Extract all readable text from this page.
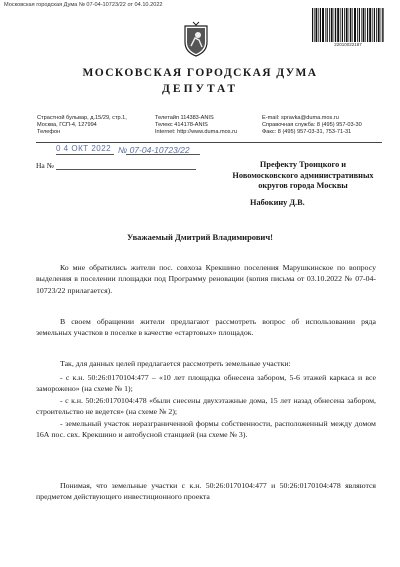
Московская городская Дума № 07-04-10723/22 от 04.10.2022
22010022187
МОСКОВСКАЯ ГОРОДСКАЯ ДУМА
ДЕПУТАТ
Страстной бульвар, д.15/29, стр.1,
Москва, ГСП-4, 127994
Телефон
Телетайп 114383-ANIS
Телекс 414178-ANIS
Internet: http://www.duma.mos.ru
E-mail: spravka@duma.mos.ru
Справочная служба: 8 (495) 957-03-30
Факс: 8 (495) 957-03-31, 753-71-31
0 4 ОКТ 2022 № 07-04-10723/22
На №	Префекту Троицкого и
Новомосковского административных
округов города Москвы
Набокину Д.В.
Уважаемый Дмитрий Владимирович!
Ко мне обратились жители пос. совхоза Крекшино поселения Марушкинское по вопросу выделения в поселении площадки под Программу реновации (копия письма от 03.10.2022 № 07-04-10723/22 прилагается).
В своем обращении жители предлагают рассмотреть вопрос об использовании ряда земельных участков в поселке в качестве «стартовых» площадок.
Так, для данных целей предлагается рассмотреть земельные участки:
- с к.н. 50:26:0170104:477 – «10 лет площадка обнесена забором, 5-6 этажей каркаса и все заморожено» (на схеме № 1);
- с к.н. 50:26:0170104:478 «были снесены двухэтажные дома, 15 лет назад обнесена забором, строительство не ведется» (на схеме № 2);
- земельный участок неразграниченной формы собственности, расположенный между домом 16А пос. свх. Крекшино и автобусной станцией (на схеме № 3).
Понимая, что земельные участки с к.н. 50:26:0170104:477 и 50:26:0170104:478 являются предметом действующего инвестиционного проекта
